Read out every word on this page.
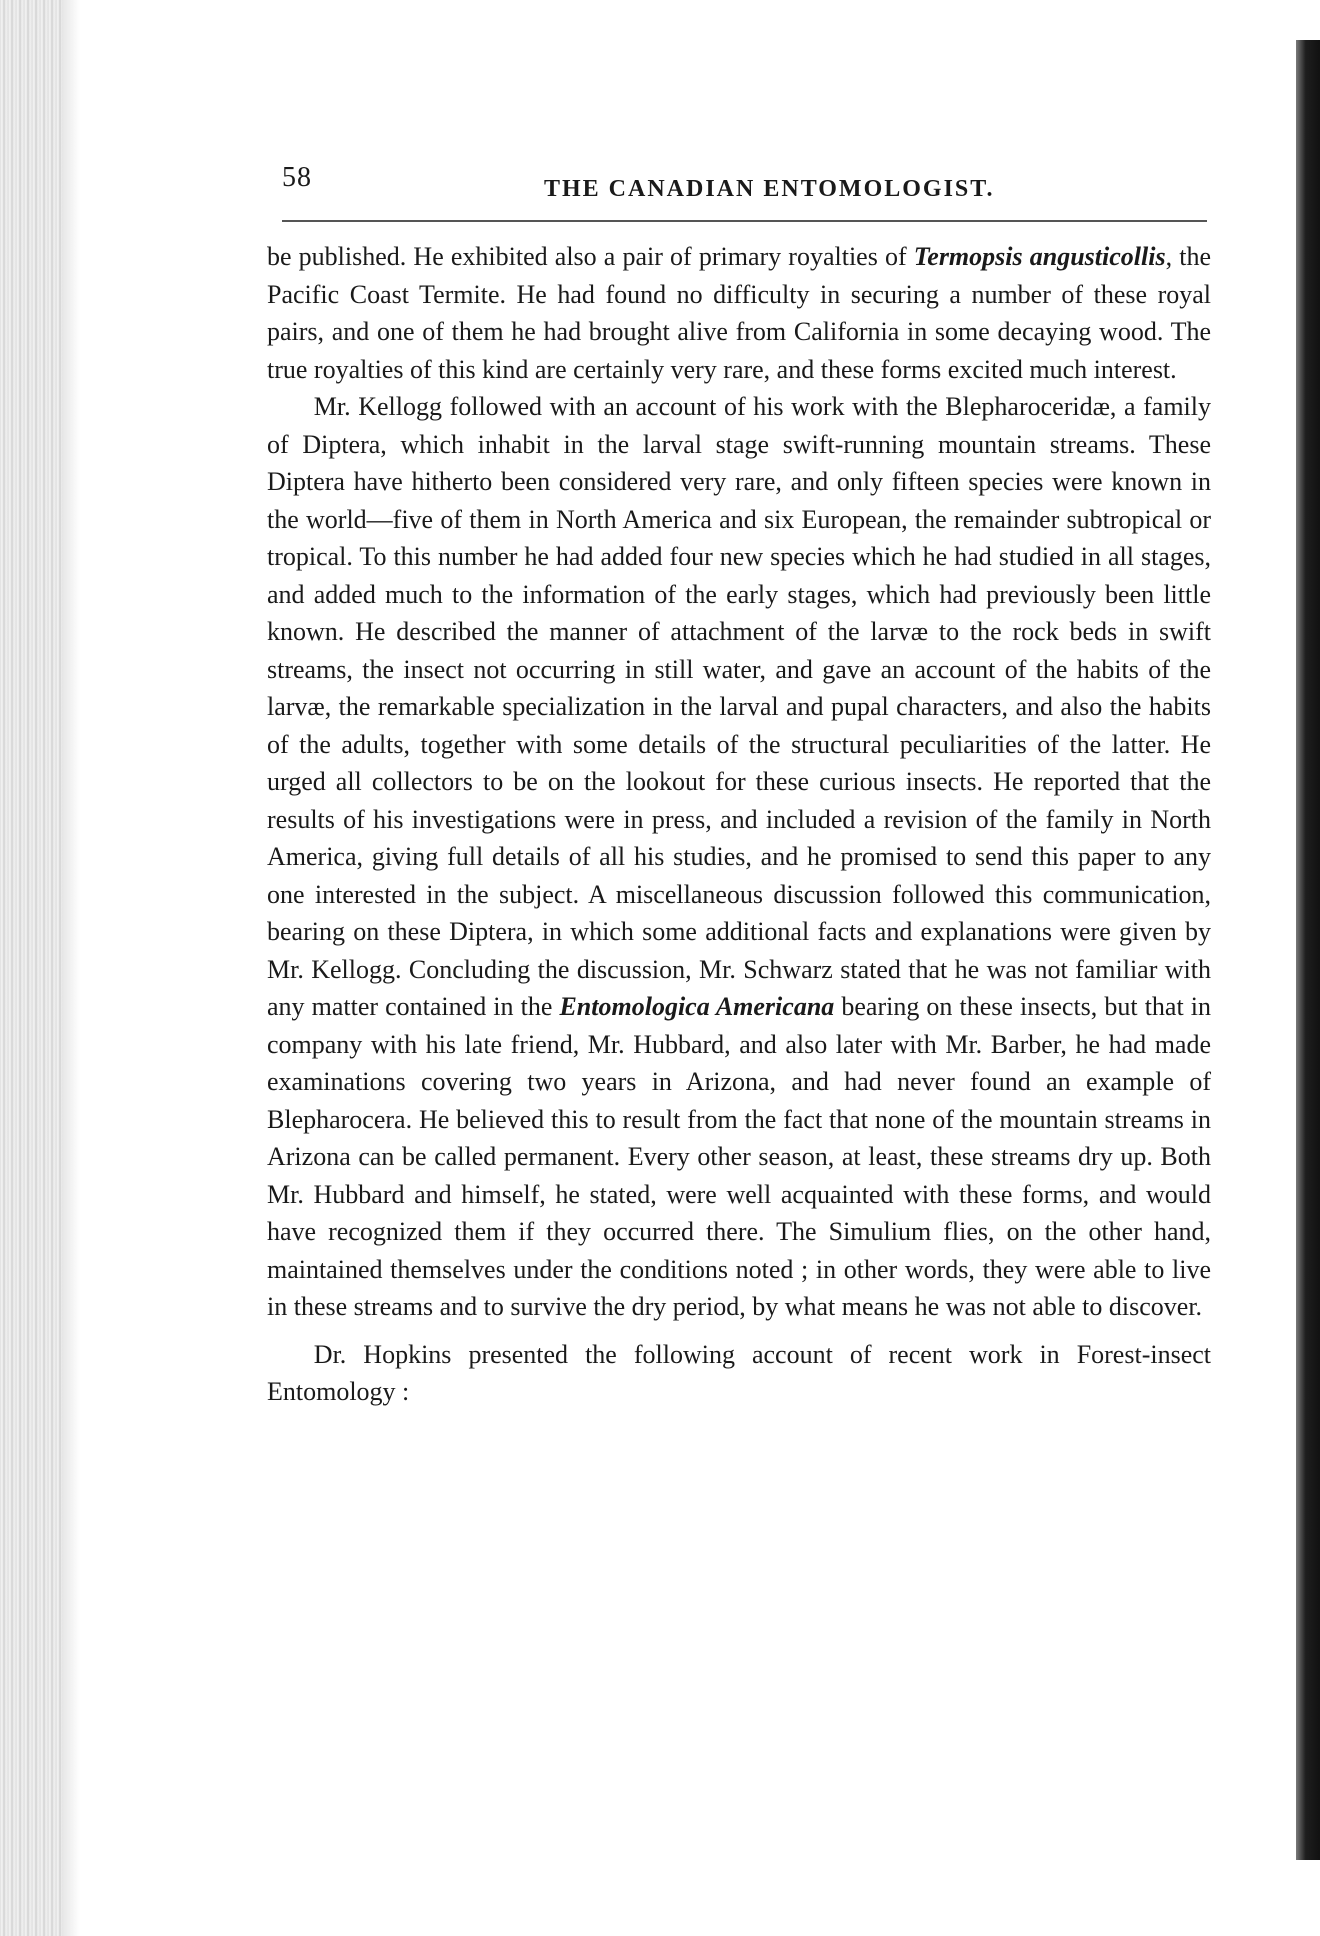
58	THE CANADIAN ENTOMOLOGIST.

be published. He exhibited also a pair of primary royalties of Termopsis angusticollis, the Pacific Coast Termite. He had found no difficulty in securing a number of these royal pairs, and one of them he had brought alive from California in some decaying wood. The true royalties of this kind are certainly very rare, and these forms excited much interest.

Mr. Kellogg followed with an account of his work with the Blepharoceridæ, a family of Diptera, which inhabit in the larval stage swift-running mountain streams. These Diptera have hitherto been considered very rare, and only fifteen species were known in the world—five of them in North America and six European, the remainder subtropical or tropical. To this number he had added four new species which he had studied in all stages, and added much to the information of the early stages, which had previously been little known. He described the manner of attachment of the larvæ to the rock beds in swift streams, the insect not occurring in still water, and gave an account of the habits of the larvæ, the remarkable specialization in the larval and pupal characters, and also the habits of the adults, together with some details of the structural peculiarities of the latter. He urged all collectors to be on the lookout for these curious insects. He reported that the results of his investigations were in press, and included a revision of the family in North America, giving full details of all his studies, and he promised to send this paper to any one interested in the subject. A miscellaneous discussion followed this communication, bearing on these Diptera, in which some additional facts and explanations were given by Mr. Kellogg. Concluding the discussion, Mr. Schwarz stated that he was not familiar with any matter contained in the Entomologica Americana bearing on these insects, but that in company with his late friend, Mr. Hubbard, and also later with Mr. Barber, he had made examinations covering two years in Arizona, and had never found an example of Blepharocera. He believed this to result from the fact that none of the mountain streams in Arizona can be called permanent. Every other season, at least, these streams dry up. Both Mr. Hubbard and himself, he stated, were well acquainted with these forms, and would have recognized them if they occurred there. The Simulium flies, on the other hand, maintained themselves under the conditions noted ; in other words, they were able to live in these streams and to survive the dry period, by what means he was not able to discover.

Dr. Hopkins presented the following account of recent work in Forest-insect Entomology :
